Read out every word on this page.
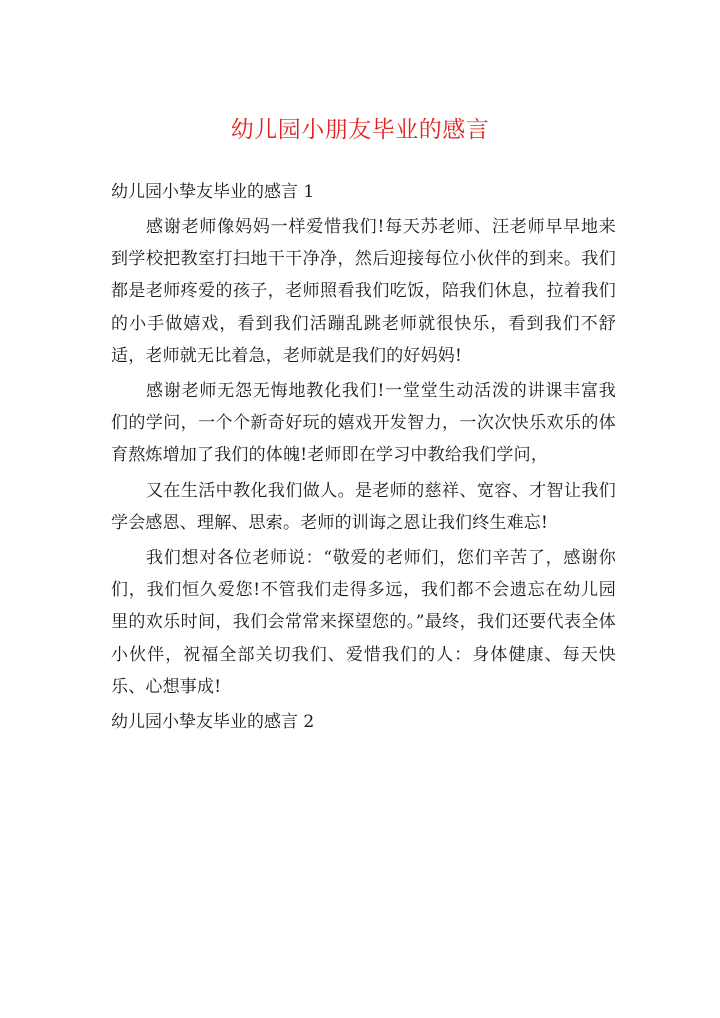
幼儿园小朋友毕业的感言

幼儿园小挚友毕业的感言 1

感谢老师像妈妈一样爱惜我们!每天苏老师、汪老师早早地来到学校把教室打扫地干干净净，然后迎接每位小伙伴的到来。我们都是老师疼爱的孩子，老师照看我们吃饭，陪我们休息，拉着我们的小手做嬉戏，看到我们活蹦乱跳老师就很快乐，看到我们不舒适，老师就无比着急，老师就是我们的好妈妈!

感谢老师无怨无悔地教化我们!一堂堂生动活泼的讲课丰富我们的学问，一个个新奇好玩的嬉戏开发智力，一次次快乐欢乐的体育熬炼增加了我们的体魄!老师即在学习中教给我们学问，

又在生活中教化我们做人。是老师的慈祥、宽容、才智让我们学会感恩、理解、思索。老师的训诲之恩让我们终生难忘!

我们想对各位老师说：“敬爱的老师们，您们辛苦了，感谢你们，我们恒久爱您!不管我们走得多远，我们都不会遗忘在幼儿园里的欢乐时间，我们会常常来探望您的。”最终，我们还要代表全体小伙伴，祝福全部关切我们、爱惜我们的人：身体健康、每天快乐、心想事成!

幼儿园小挚友毕业的感言 2
